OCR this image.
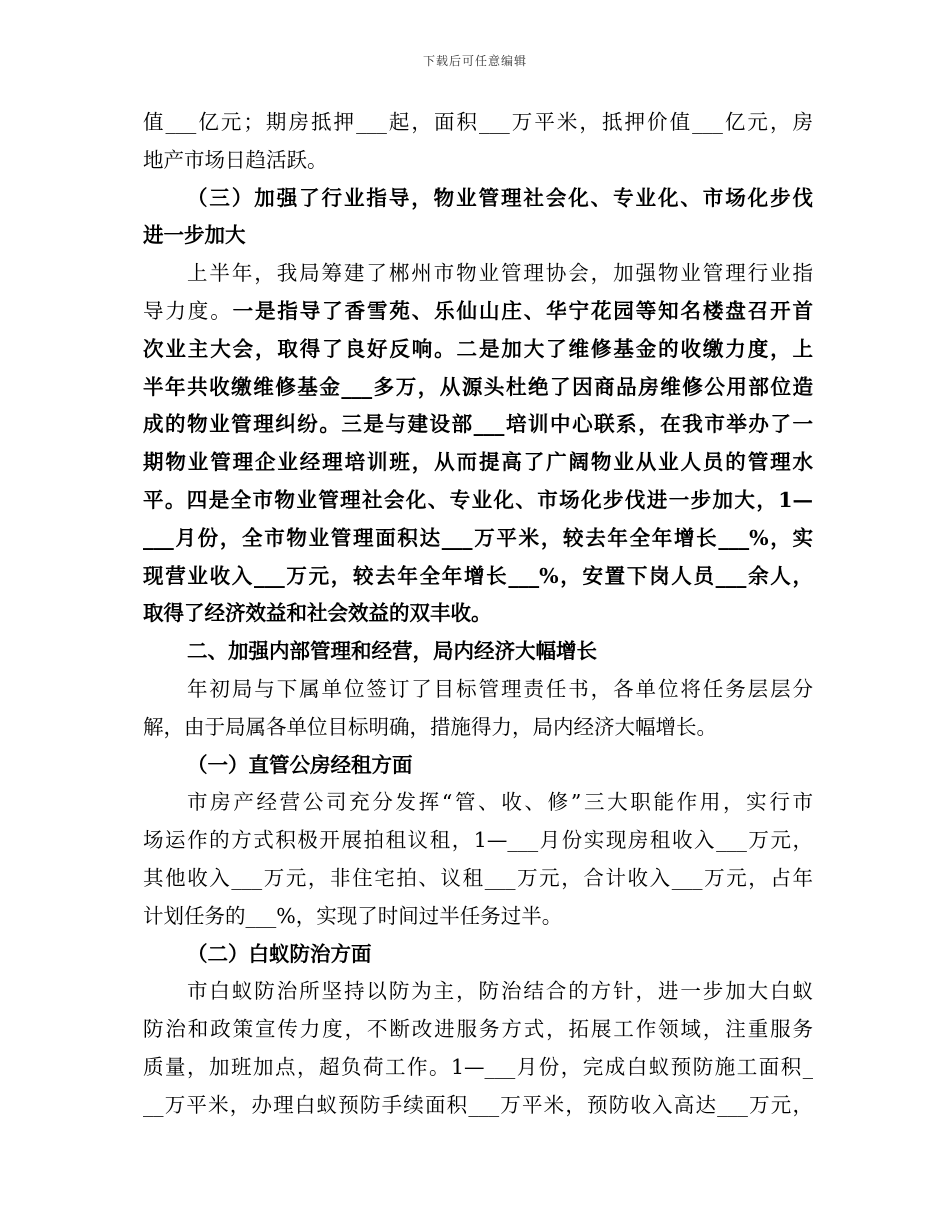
下载后可任意编辑
值___亿元；期房抵押___起，面积___万平米，抵押价值___亿元，房
地产市场日趋活跃。
（三）加强了行业指导，物业管理社会化、专业化、市场化步伐
进一步加大
上半年，我局筹建了郴州市物业管理协会，加强物业管理行业指
导力度。一是指导了香雪苑、乐仙山庄、华宁花园等知名楼盘召开首
次业主大会，取得了良好反响。二是加大了维修基金的收缴力度，上
半年共收缴维修基金___多万，从源头杜绝了因商品房维修公用部位造
成的物业管理纠纷。三是与建设部___培训中心联系，在我市举办了一
期物业管理企业经理培训班，从而提高了广阔物业从业人员的管理水
平。四是全市物业管理社会化、专业化、市场化步伐进一步加大，1—
___月份，全市物业管理面积达___万平米，较去年全年增长___%，实
现营业收入___万元，较去年全年增长___%，安置下岗人员___余人，
取得了经济效益和社会效益的双丰收。
二、加强内部管理和经营，局内经济大幅增长
年初局与下属单位签订了目标管理责任书，各单位将任务层层分
解，由于局属各单位目标明确，措施得力，局内经济大幅增长。
（一）直管公房经租方面
市房产经营公司充分发挥“管、收、修”三大职能作用，实行市
场运作的方式积极开展拍租议租，1—___月份实现房租收入___万元，
其他收入___万元，非住宅拍、议租___万元，合计收入___万元，占年
计划任务的___%，实现了时间过半任务过半。
（二）白蚁防治方面
市白蚁防治所坚持以防为主，防治结合的方针，进一步加大白蚁
防治和政策宣传力度，不断改进服务方式，拓展工作领域，注重服务
质量，加班加点，超负荷工作。1—___月份，完成白蚁预防施工面积_
__万平米，办理白蚁预防手续面积___万平米，预防收入高达___万元，
